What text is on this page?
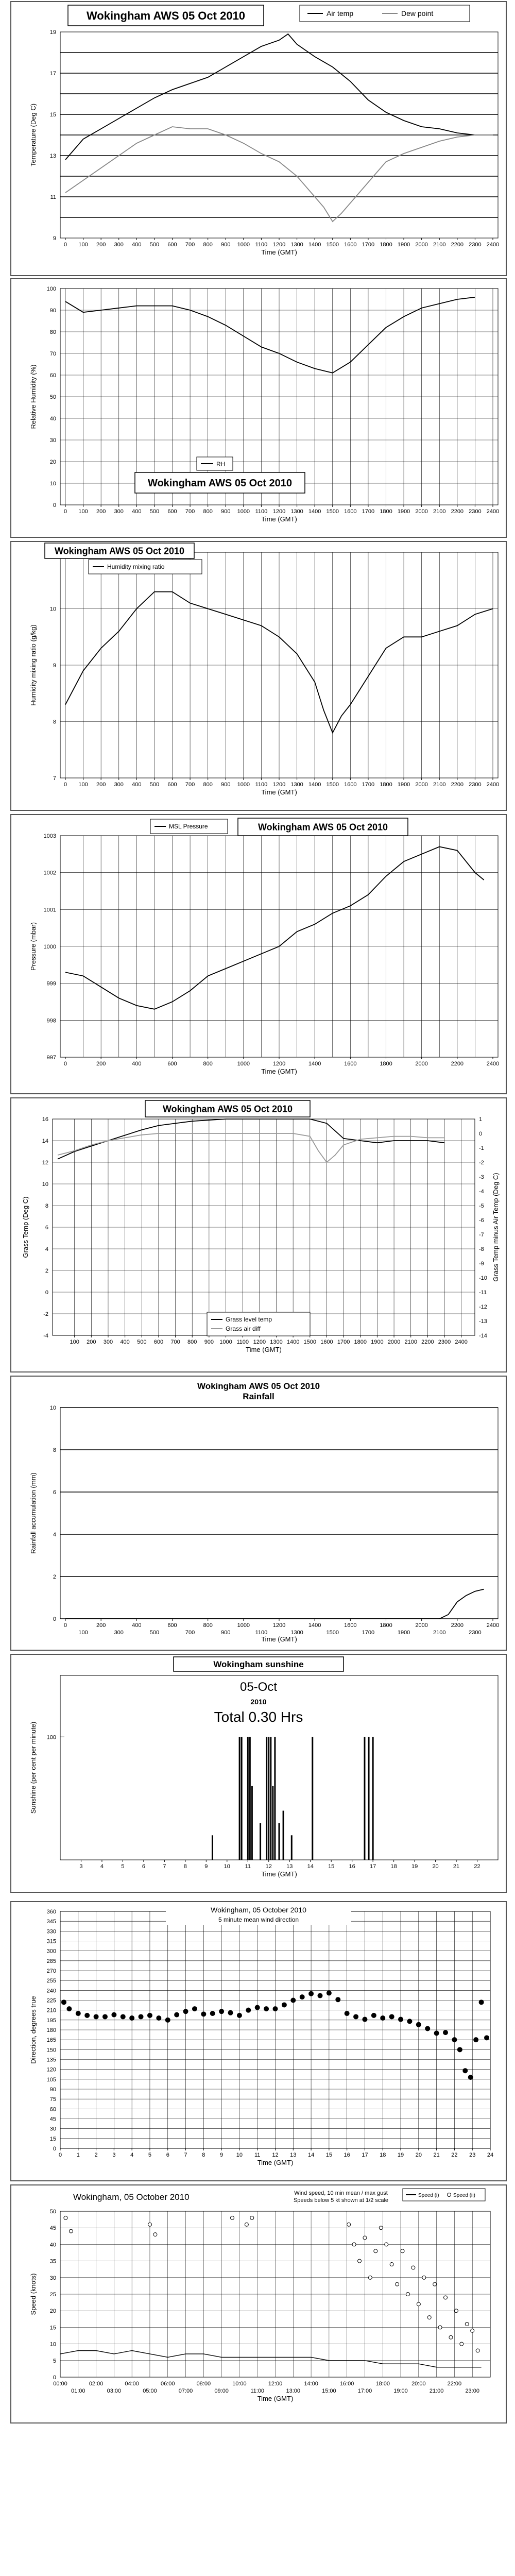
9
11
13
15
17
19
0 100 200 300 400 500 600 700 800 900 1000 1100 1200 1300 1400 1500 1600 1700 1800 1900 2000 2100 2200 2300 2400
Time (GMT)
Temperature (Deg C)
Wokingham AWS 05 Oct 2010	Air temp	Dew point
0
10
20
30
40
50
60
70
80
90
100
0 100 200 300 400 500 600 700 800 900 1000 1100 1200 1300 1400 1500 1600 1700 1800 1900 2000 2100 2200 2300 2400
Time (GMT)
Relative Humidity (%)
RH
Wokingham AWS 05 Oct 2010
7
8
9
10
0 100 200 300 400 500 600 700 800 900 1000 1100 1200 1300 1400 1500 1600 1700 1800 1900 2000 2100 2200 2300 2400
Time (GMT)
Humidity mixing ratio (g/kg)
Wokingham AWS 05 Oct 2010
Humidity mixing ratio
997
998
999
1000
1001
1002
1003
0	200	400	600	800	1000	1200	1400	1600	1800	2000	2200	2400
Time (GMT)
Pressure (mbar)
MSL Pressure	Wokingham AWS 05 Oct 2010
-4
-2
0
2
4
6
8
10
12
14
16
-14
-13
-12
-11
-10
-9
-8
-7
-6
-5
-4
-3
-2
-1
0
1
100 200 300 400 500 600 700 800 900 1000 1100 1200 1300 1400 1500 1600 1700 1800 1900 2000 2100 2200 2300 2400
Time (GMT)
Grass Temp (Deg C)	Grass Temp minus Air Temp (Deg C)
Wokingham AWS 05 Oct 2010
Grass level temp
Grass air diff
0
2
4
6
8
10
0	200	400	600	800	1000	1200	1400	1600	1800	2000	2200	2400
100	300	500	700	900	1100	1300	1500	1700	1900	2100	2300
Time (GMT)
Rainfall accumulation (mm)
Wokingham AWS 05 Oct 2010
Rainfall
100
3	4	5	6	7	8	9	10	11	12	13	14	15	16	17	18	19	20	21	22
Time (GMT)
Sunshine (per cent per minute)
Wokingham sunshine
05-Oct
2010
Total 0.30 Hrs
0
15
30
45
60
75
90
105
120
135
150
165
180
195
210
225
240
255
270
285
300
315
330
345
360
0	1	2	3	4	5	6	7	8	9 10 11 12 13 14 15 16 17 18 19 20 21 22 23 24
Time (GMT)
Direction, degrees true
Wokingham, 05 October 2010
5 minute mean wind direction
0
5
10
15
20
25
30
35
40
45
50
00:00	02:00	04:00	06:00	08:00	10:00	12:00	14:00	16:00	18:00	20:00	22:00
01:00	03:00	05:00	07:00	09:00	11:00	13:00	15:00	17:00	19:00	21:00	23:00
Time (GMT)
Speed (knots)
Wokingham, 05 October 2010	Wind speed, 10 min mean / max gust
Speeds below 5 kt shown at 1/2 scale
Speed (i)	Speed (ii)
